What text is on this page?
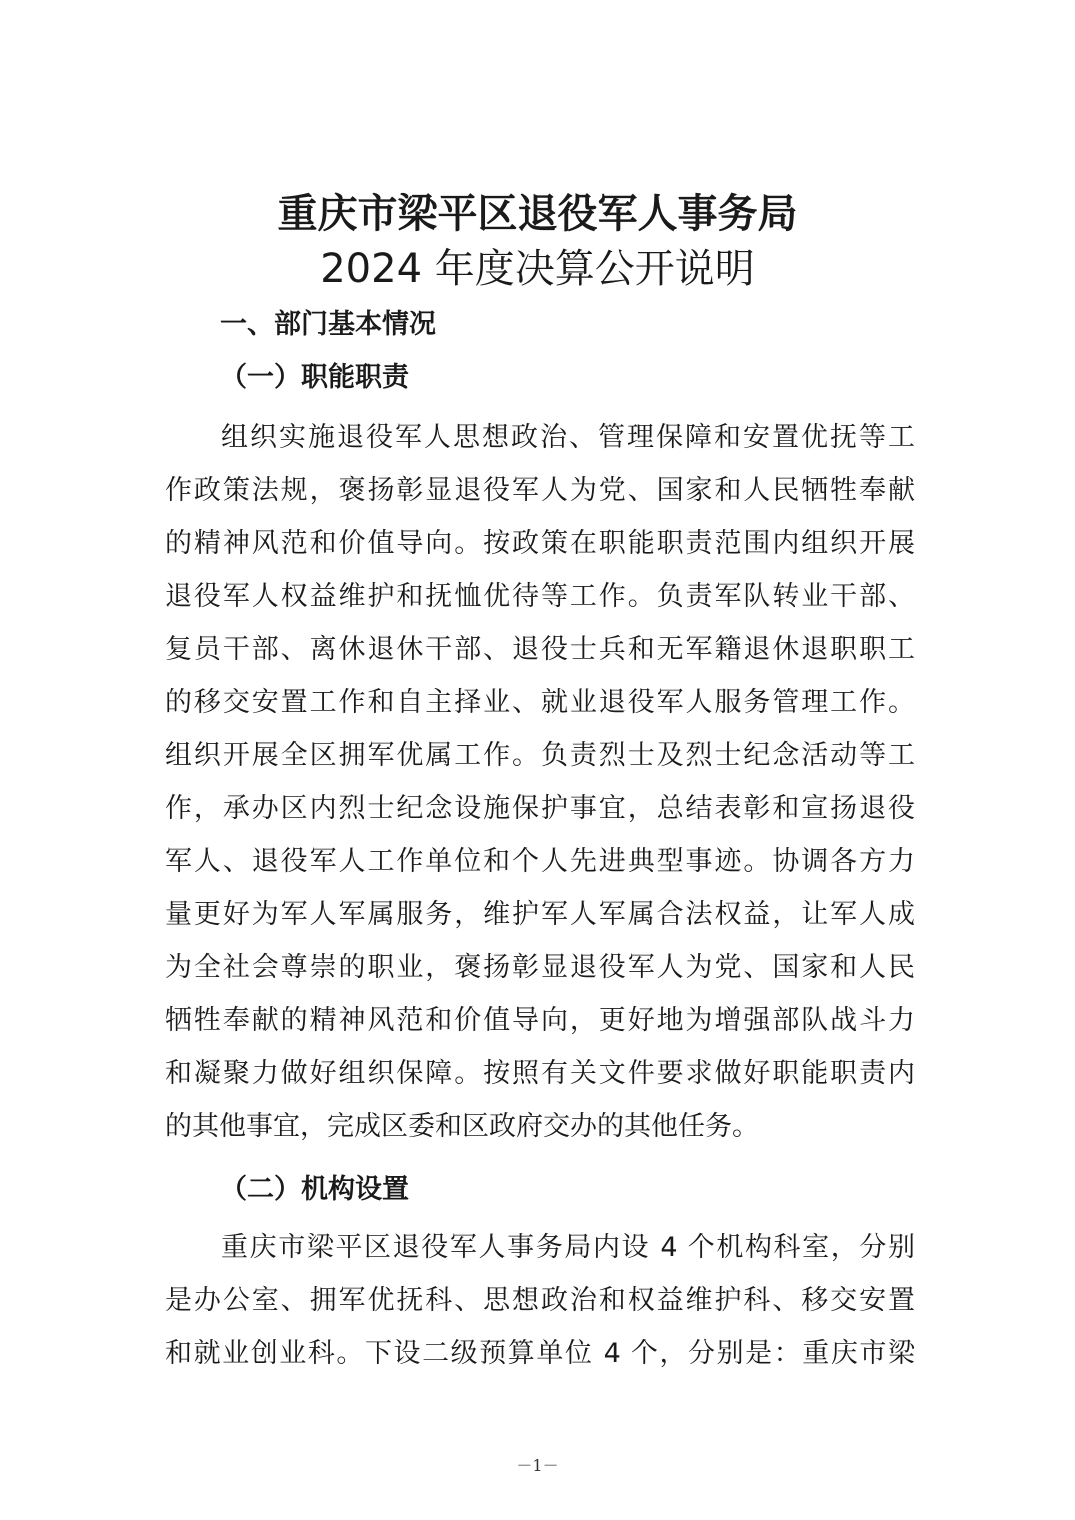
重庆市梁平区退役军人事务局
2024 年度决算公开说明
一、部门基本情况
（一）职能职责

组织实施退役军人思想政治、管理保障和安置优抚等工

作政策法规，褒扬彰显退役军人为党、国家和人民牺牲奉献

的精神风范和价值导向。按政策在职能职责范围内组织开展

退役军人权益维护和抚恤优待等工作。负责军队转业干部、

复员干部、离休退休干部、退役士兵和无军籍退休退职职工

的移交安置工作和自主择业、就业退役军人服务管理工作。

组织开展全区拥军优属工作。负责烈士及烈士纪念活动等工

作，承办区内烈士纪念设施保护事宜，总结表彰和宣扬退役

军人、退役军人工作单位和个人先进典型事迹。协调各方力

量更好为军人军属服务，维护军人军属合法权益，让军人成

为全社会尊崇的职业，褒扬彰显退役军人为党、国家和人民

牺牲奉献的精神风范和价值导向，更好地为增强部队战斗力

和凝聚力做好组织保障。按照有关文件要求做好职能职责内

的其他事宜，完成区委和区政府交办的其他任务。

（二）机构设置

重庆市梁平区退役军人事务局内设 4 个机构科室，分别

是办公室、拥军优抚科、思想政治和权益维护科、移交安置

和就业创业科。下设二级预算单位 4 个，分别是：重庆市梁

－1－
